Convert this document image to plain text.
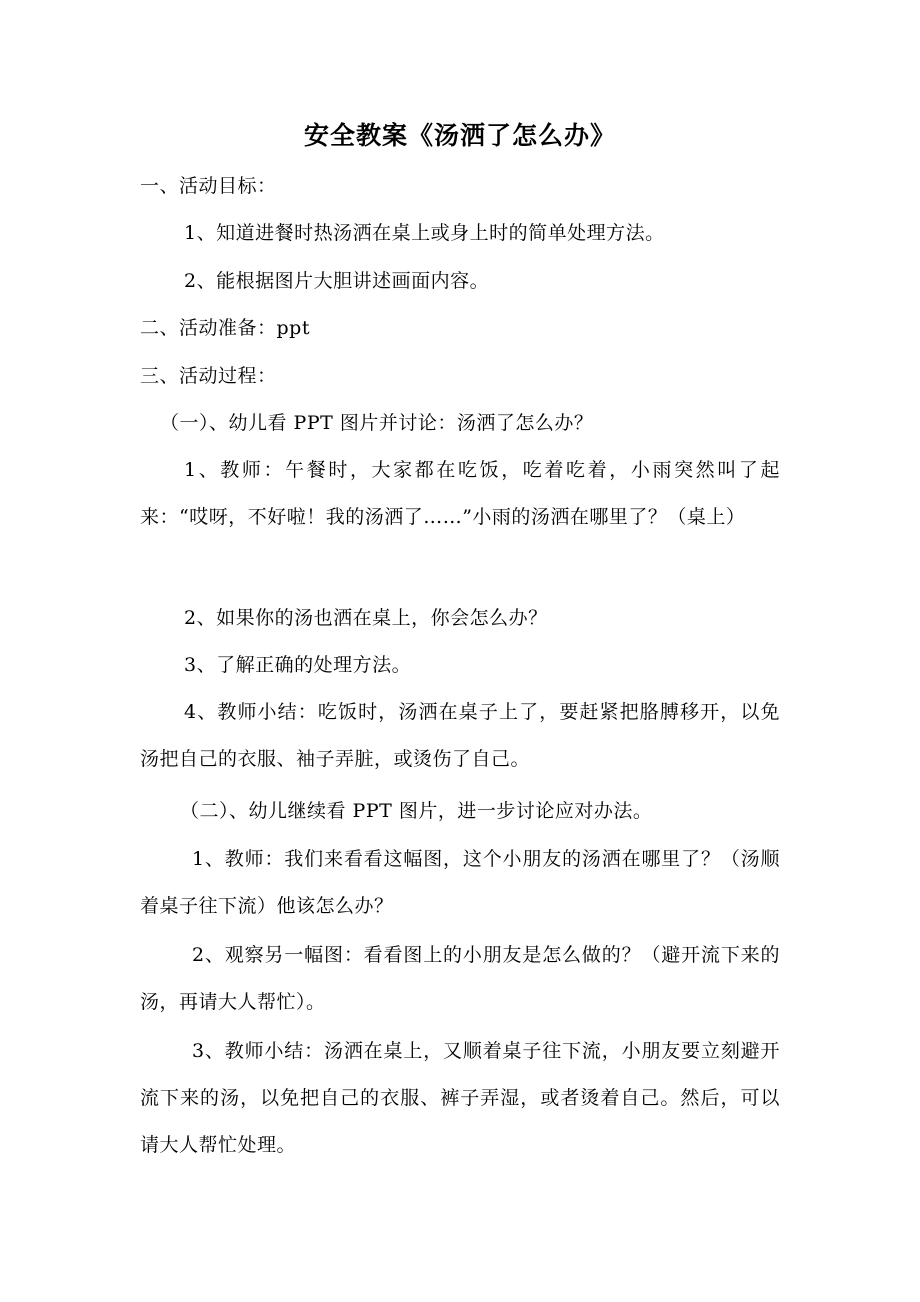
安全教案《汤洒了怎么办》
一、活动目标：
1、知道进餐时热汤洒在桌上或身上时的简单处理方法。
2、能根据图片大胆讲述画面内容。
二、活动准备：ppt
三、活动过程：
（一）、幼儿看 PPT 图片并讨论：汤洒了怎么办？
1、教师：午餐时，大家都在吃饭，吃着吃着，小雨突然叫了起来：“哎呀，不好啦！我的汤洒了……”小雨的汤洒在哪里了？（桌上）
2、如果你的汤也洒在桌上，你会怎么办？
3、了解正确的处理方法。
4、教师小结：吃饭时，汤洒在桌子上了，要赶紧把胳膊移开，以免汤把自己的衣服、袖子弄脏，或烫伤了自己。
（二）、幼儿继续看 PPT 图片，进一步讨论应对办法。
1、教师：我们来看看这幅图，这个小朋友的汤洒在哪里了？（汤顺着桌子往下流）他该怎么办？
2、观察另一幅图：看看图上的小朋友是怎么做的？（避开流下来的汤，再请大人帮忙）。
3、教师小结：汤洒在桌上，又顺着桌子往下流，小朋友要立刻避开流下来的汤，以免把自己的衣服、裤子弄湿，或者烫着自己。然后，可以请大人帮忙处理。
